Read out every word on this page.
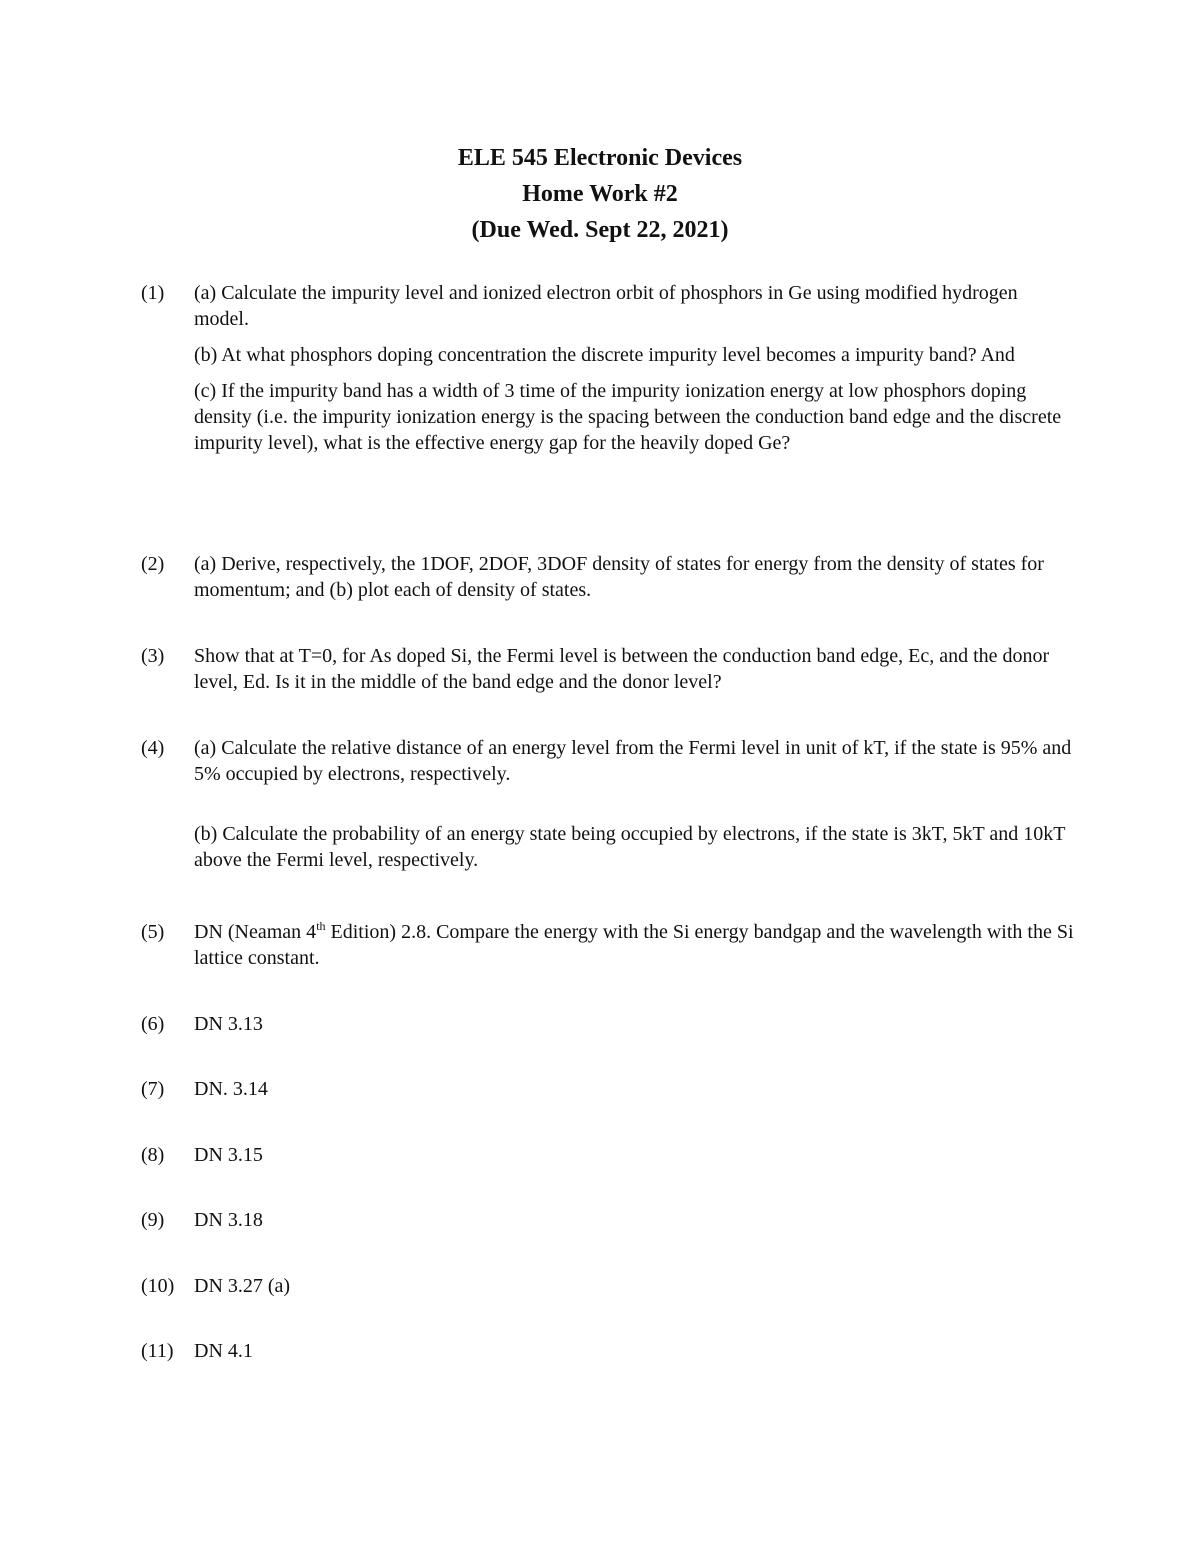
ELE 545 Electronic Devices
Home Work #2
(Due Wed. Sept 22, 2021)
(1) (a) Calculate the impurity level and ionized electron orbit of phosphors in Ge using modified hydrogen model.

(b) At what phosphors doping concentration the discrete impurity level becomes a impurity band? And

(c) If the impurity band has a width of 3 time of the impurity ionization energy at low phosphors doping density (i.e. the impurity ionization energy is the spacing between the conduction band edge and the discrete impurity level), what is the effective energy gap for the heavily doped Ge?

(2) (a) Derive, respectively, the 1DOF, 2DOF, 3DOF density of states for energy from the density of states for momentum; and (b) plot each of density of states.

(3) Show that at T=0, for As doped Si, the Fermi level is between the conduction band edge, Ec, and the donor level, Ed. Is it in the middle of the band edge and the donor level?

(4) (a) Calculate the relative distance of an energy level from the Fermi level in unit of kT, if the state is 95% and 5% occupied by electrons, respectively.

(b) Calculate the probability of an energy state being occupied by electrons, if the state is 3kT, 5kT and 10kT above the Fermi level, respectively.

(5) DN (Neaman 4th Edition) 2.8. Compare the energy with the Si energy bandgap and the wavelength with the Si lattice constant.

(6) DN 3.13
(7) DN. 3.14
(8) DN 3.15
(9) DN 3.18
(10) DN 3.27 (a)
(11) DN 4.1
